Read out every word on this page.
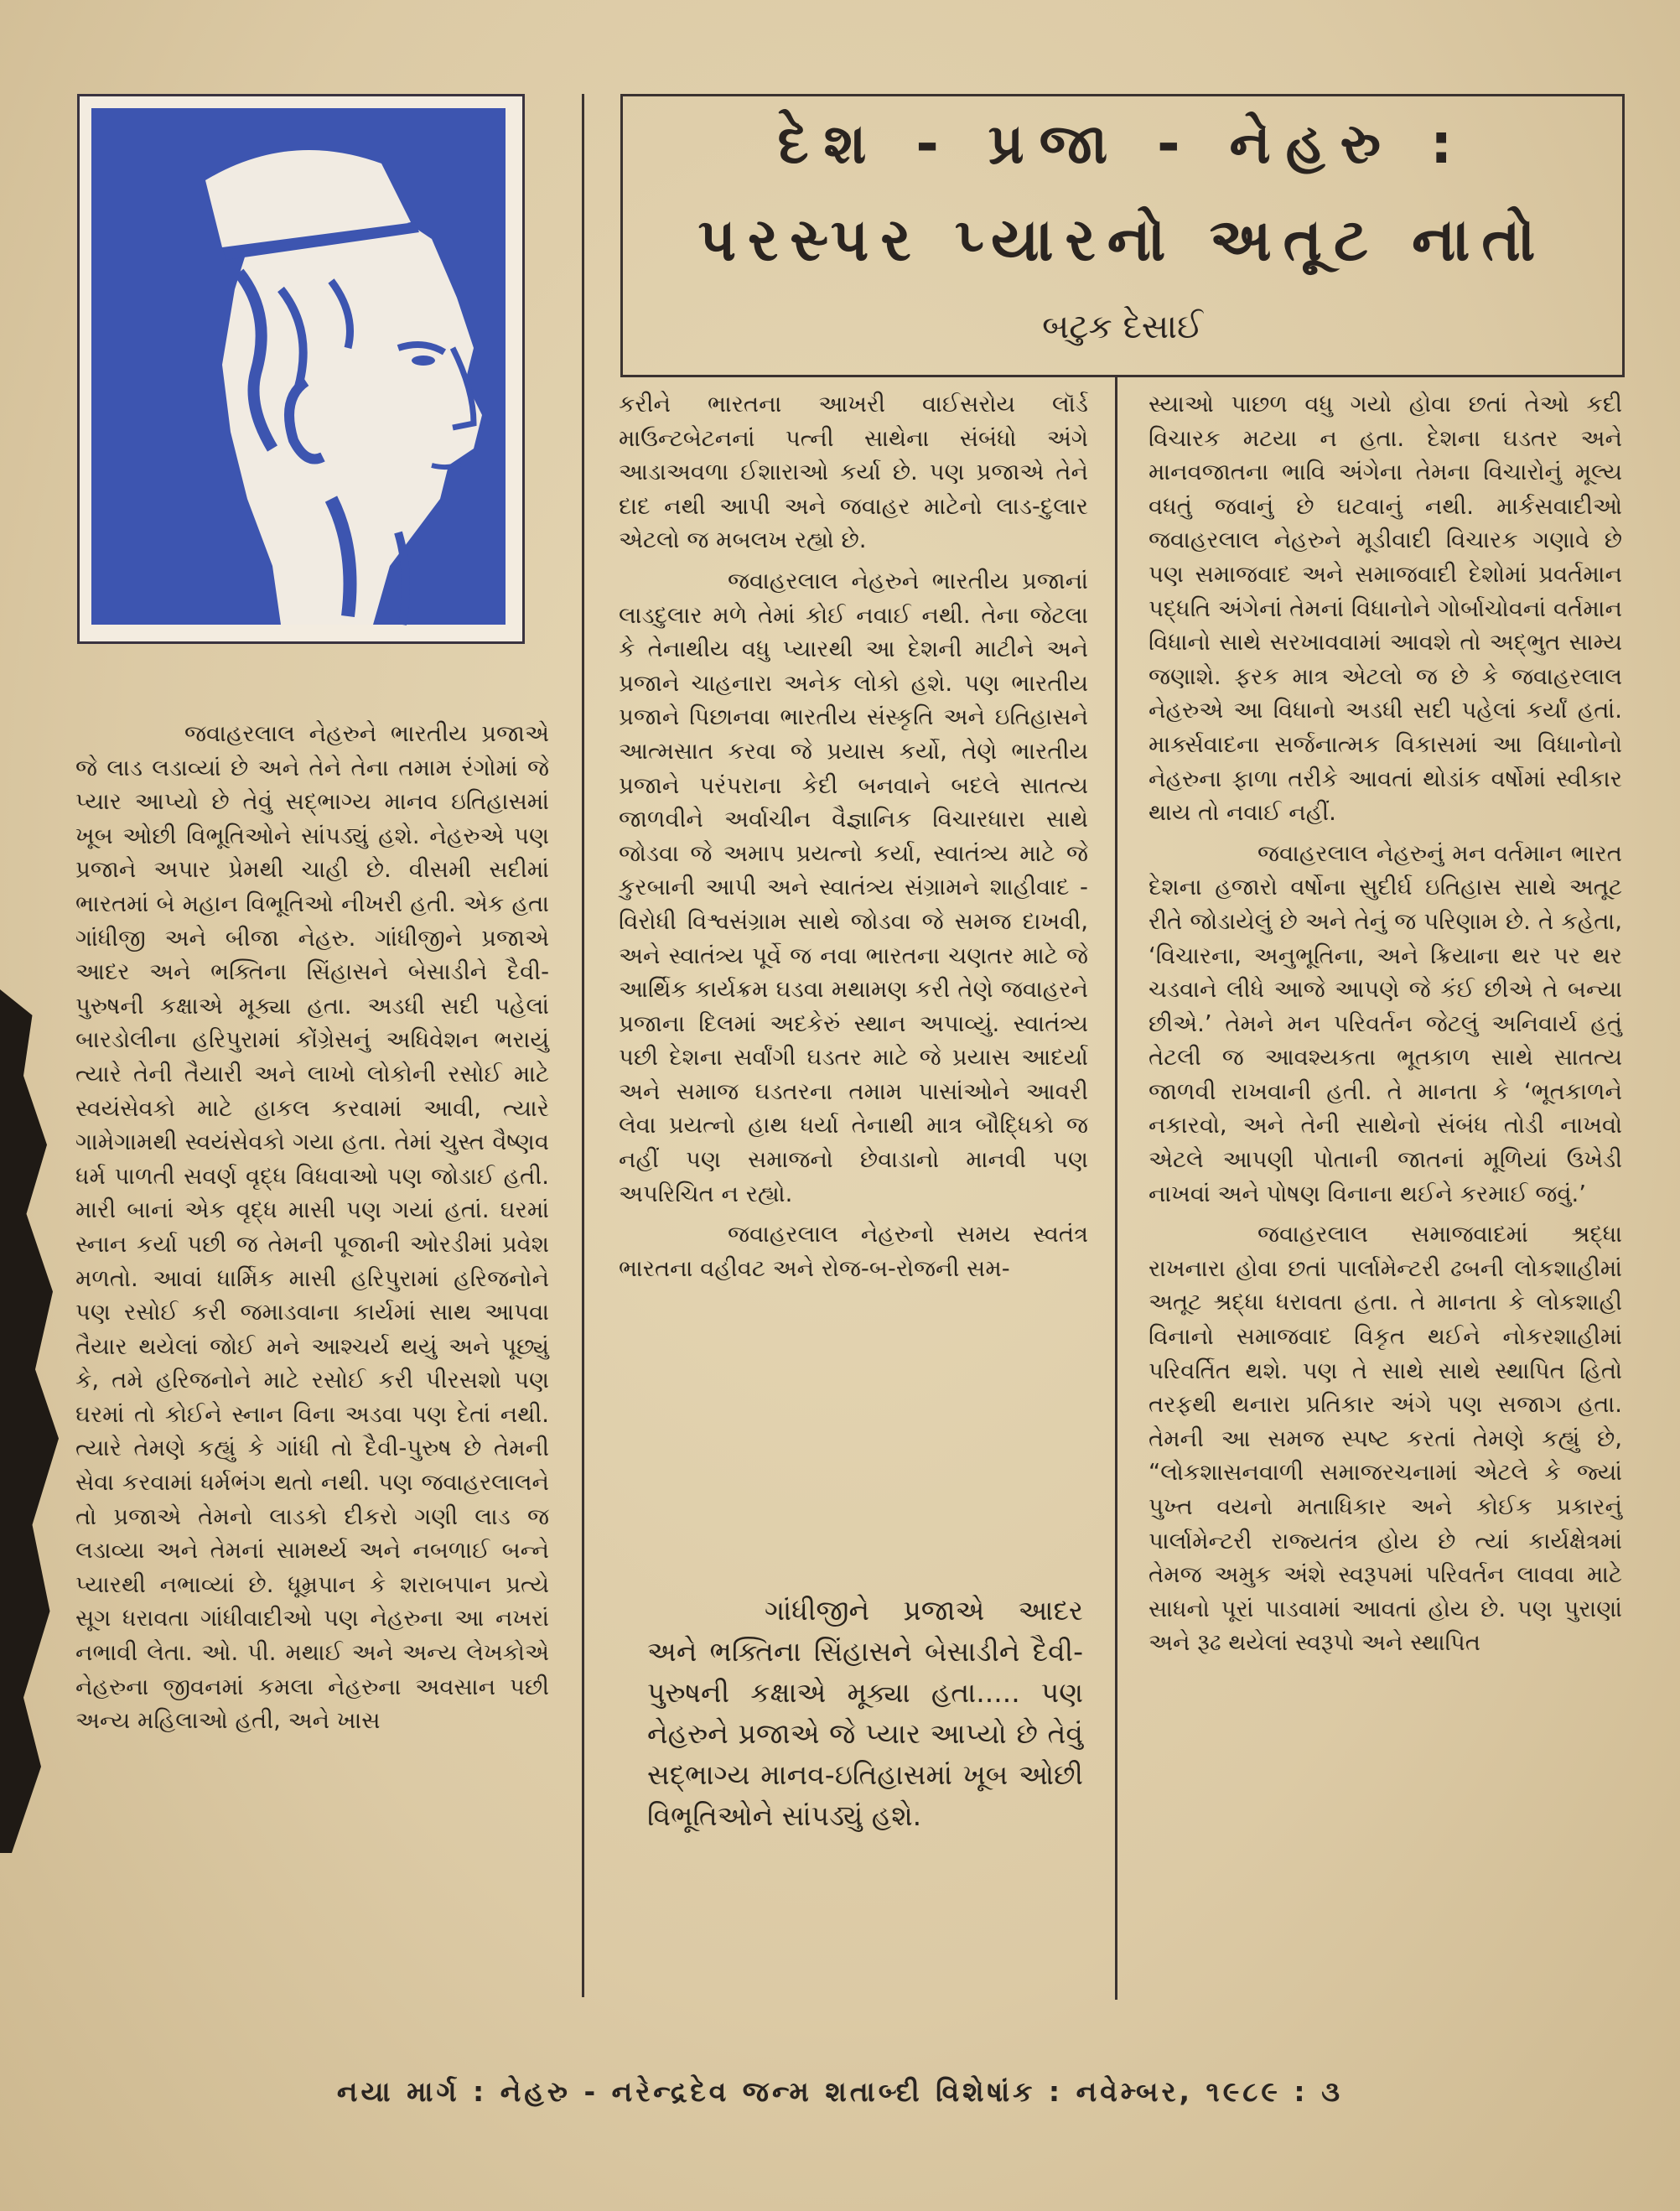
દેશ - પ્રજા - નેહરુ :
પરસ્પર પ્યારનો અતૂટ નાતો
બટુક દેસાઈ

જવાહરલાલ નેહરુને ભારતીય પ્રજાએ જે લાડ લડાવ્યાં છે અને તેને તેના તમામ રંગોમાં જે પ્યાર આપ્યો છે તેવું સદ્ભાગ્ય માનવ ઇતિહાસમાં ખૂબ ઓછી વિભૂતિઓને સાંપડ્યું હશે. નેહરુએ પણ પ્રજાને અપાર પ્રેમથી ચાહી છે. વીસમી સદીમાં ભારતમાં બે મહાન વિભૂતિઓ નીખરી હતી. એક હતા ગાંધીજી અને બીજા નેહરુ. ગાંધીજીને પ્રજાએ આદર અને ભક્તિના સિંહાસને બેસાડીને દૈવી-પુરુષની કક્ષાએ મૂક્યા હતા. અડધી સદી પહેલાં બારડોલીના હરિપુરામાં કોંગ્રેસનું અધિવેશન ભરાયું ત્યારે તેની તૈયારી અને લાખો લોકોની રસોઈ માટે સ્વયંસેવકો માટે હાકલ કરવામાં આવી, ત્યારે ગામેગામથી સ્વયંસેવકો ગયા હતા. તેમાં ચુસ્ત વૈષ્ણવ ધર્મ પાળતી સવર્ણ વૃદ્ધ વિધવાઓ પણ જોડાઈ હતી. મારી બાનાં એક વૃદ્ધ માસી પણ ગયાં હતાં. ઘરમાં સ્નાન કર્યા પછી જ તેમની પૂજાની ઓરડીમાં પ્રવેશ મળતો. આવાં ધાર્મિક માસી હરિપુરામાં હરિજનોને પણ રસોઈ કરી જમાડવાના કાર્યમાં સાથ આપવા તૈયાર થયેલાં જોઈ મને આશ્ચર્ય થયું અને પૂછ્યું કે, તમે હરિજનોને માટે રસોઈ કરી પીરસશો પણ ઘરમાં તો કોઈને સ્નાન વિના અડવા પણ દેતાં નથી. ત્યારે તેમણે કહ્યું કે ગાંધી તો દૈવી-પુરુષ છે તેમની સેવા કરવામાં ધર્મભંગ થતો નથી. પણ જવાહરલાલને તો પ્રજાએ તેમનો લાડકો દીકરો ગણી લાડ જ લડાવ્યા અને તેમનાં સામર્થ્ય અને નબળાઈ બન્ને પ્યારથી નભાવ્યાં છે. ધૂમ્રપાન કે શરાબપાન પ્રત્યે સૂગ ધરાવતા ગાંધીવાદીઓ પણ નેહરુના આ નખરાં નભાવી લેતા. ઓ. પી. મથાઈ અને અન્ય લેખકોએ નેહરુના જીવનમાં કમલા નેહરુના અવસાન પછી અન્ય મહિલાઓ હતી, અને ખાસ

કરીને ભારતના આખરી વાઈસરોય લૉર્ડ માઉન્ટબેટનનાં પત્ની સાથેના સંબંધો અંગે આડાઅવળા ઈશારાઓ કર્યા છે. પણ પ્રજાએ તેને દાદ નથી આપી અને જવાહર માટેનો લાડ-દુલાર એટલો જ મબલખ રહ્યો છે.

જવાહરલાલ નેહરુને ભારતીય પ્રજાનાં લાડદુલાર મળે તેમાં કોઈ નવાઈ નથી. તેના જેટલા કે તેનાથીય વધુ પ્યારથી આ દેશની માટીને અને પ્રજાને ચાહનારા અનેક લોકો હશે. પણ ભારતીય પ્રજાને પિછાનવા ભારતીય સંસ્કૃતિ અને ઇતિહાસને આત્મસાત કરવા જે પ્રયાસ કર્યો, તેણે ભારતીય પ્રજાને પરંપરાના કેદી બનવાને બદલે સાતત્ય જાળવીને અર્વાચીન વૈજ્ઞાનિક વિચારધારા સાથે જોડવા જે અમાપ પ્રયત્નો કર્યા, સ્વાતંત્ર્ય માટે જે કુરબાની આપી અને સ્વાતંત્ર્ય સંગ્રામને શાહીવાદ - વિરોધી વિશ્વસંગ્રામ સાથે જોડવા જે સમજ દાખવી, અને સ્વાતંત્ર્ય પૂર્વે જ નવા ભારતના ચણતર માટે જે આર્થિક કાર્યક્રમ ઘડવા મથામણ કરી તેણે જવાહરને પ્રજાના દિલમાં અદકેરું સ્થાન અપાવ્યું. સ્વાતંત્ર્ય પછી દેશના સર્વાંગી ઘડતર માટે જે પ્રયાસ આદર્યા અને સમાજ ઘડતરના તમામ પાસાંઓને આવરી લેવા પ્રયત્નો હાથ ધર્યા તેનાથી માત્ર બૌદ્ધિકો જ નહીં પણ સમાજનો છેવાડાનો માનવી પણ અપરિચિત ન રહ્યો.

જવાહરલાલ નેહરુનો સમય સ્વતંત્ર ભારતના વહીવટ અને રોજ-બ-રોજની સમ-

ગાંધીજીને પ્રજાએ આદર અને ભક્તિના સિંહાસને બેસાડીને દૈવી-પુરુષની કક્ષાએ મૂક્યા હતા..... પણ નેહરુને પ્રજાએ જે પ્યાર આપ્યો છે તેવું સદ્ભાગ્ય માનવ-ઇતિહાસમાં ખૂબ ઓછી વિભૂતિઓને સાંપડ્યું હશે.

સ્યાઓ પાછળ વધુ ગયો હોવા છતાં તેઓ કદી વિચારક મટયા ન હતા. દેશના ઘડતર અને માનવજાતના ભાવિ અંગેના તેમના વિચારોનું મૂલ્ય વધતું જવાનું છે ઘટવાનું નથી. માર્કસવાદીઓ જવાહરલાલ નેહરુને મૂડીવાદી વિચારક ગણાવે છે પણ સમાજવાદ અને સમાજવાદી દેશોમાં પ્રવર્તમાન પદ્ધતિ અંગેનાં તેમનાં વિધાનોને ગોર્બાચોવનાં વર્તમાન વિધાનો સાથે સરખાવવામાં આવશે તો અદ્ભુત સામ્ય જણાશે. ફરક માત્ર એટલો જ છે કે જવાહરલાલ નેહરુએ આ વિધાનો અડધી સદી પહેલાં કર્યાં હતાં. માર્ક્સવાદના સર્જનાત્મક વિકાસમાં આ વિધાનોનો નેહરુના ફાળા તરીકે આવતાં થોડાંક વર્ષોમાં સ્વીકાર થાય તો નવાઈ નહીં.

જવાહરલાલ નેહરુનું મન વર્તમાન ભારત દેશના હજારો વર્ષોના સુદીર્ઘ ઇતિહાસ સાથે અતૂટ રીતે જોડાયેલું છે અને તેનું જ પરિણામ છે. તે કહેતા, ‘વિચારના, અનુભૂતિના, અને ક્રિયાના થર પર થર ચડવાને લીધે આજે આપણે જે કંઈ છીએ તે બન્યા છીએ.’ તેમને મન પરિવર્તન જેટલું અનિવાર્ય હતું તેટલી જ આવશ્યકતા ભૂતકાળ સાથે સાતત્ય જાળવી રાખવાની હતી. તે માનતા કે ‘ભૂતકાળને નકારવો, અને તેની સાથેનો સંબંધ તોડી નાખવો એટલે આપણી પોતાની જાતનાં મૂળિયાં ઉખેડી નાખવાં અને પોષણ વિનાના થઈને કરમાઈ જવું.’

જવાહરલાલ સમાજવાદમાં શ્રદ્ધા રાખનારા હોવા છતાં પાર્લામેન્ટરી ઢબની લોકશાહીમાં અતૂટ શ્રદ્ધા ધરાવતા હતા. તે માનતા કે લોકશાહી વિનાનો સમાજવાદ વિકૃત થઈને નોકરશાહીમાં પરિવર્તિત થશે. પણ તે સાથે સાથે સ્થાપિત હિતો તરફથી થનારા પ્રતિકાર અંગે પણ સજાગ હતા. તેમની આ સમજ સ્પષ્ટ કરતાં તેમણે કહ્યું છે, “લોકશાસનવાળી સમાજરચનામાં એટલે કે જ્યાં પુખ્ત વયનો મતાધિકાર અને કોઈક પ્રકારનું પાર્લામેન્ટરી રાજ્યતંત્ર હોય છે ત્યાં કાર્યક્ષેત્રમાં તેમજ અમુક અંશે સ્વરૂપમાં પરિવર્તન લાવવા માટે સાધનો પૂરાં પાડવામાં આવતાં હોય છે. પણ પુરાણાં અને રૂઢ થયેલાં સ્વરૂપો અને સ્થાપિત

નયા માર્ગ : નેહરુ - નરેન્દ્રદેવ જન્મ શતાબ્દી વિશેષાંક : નવેમ્બર, ૧૯૮૯ : ૩
